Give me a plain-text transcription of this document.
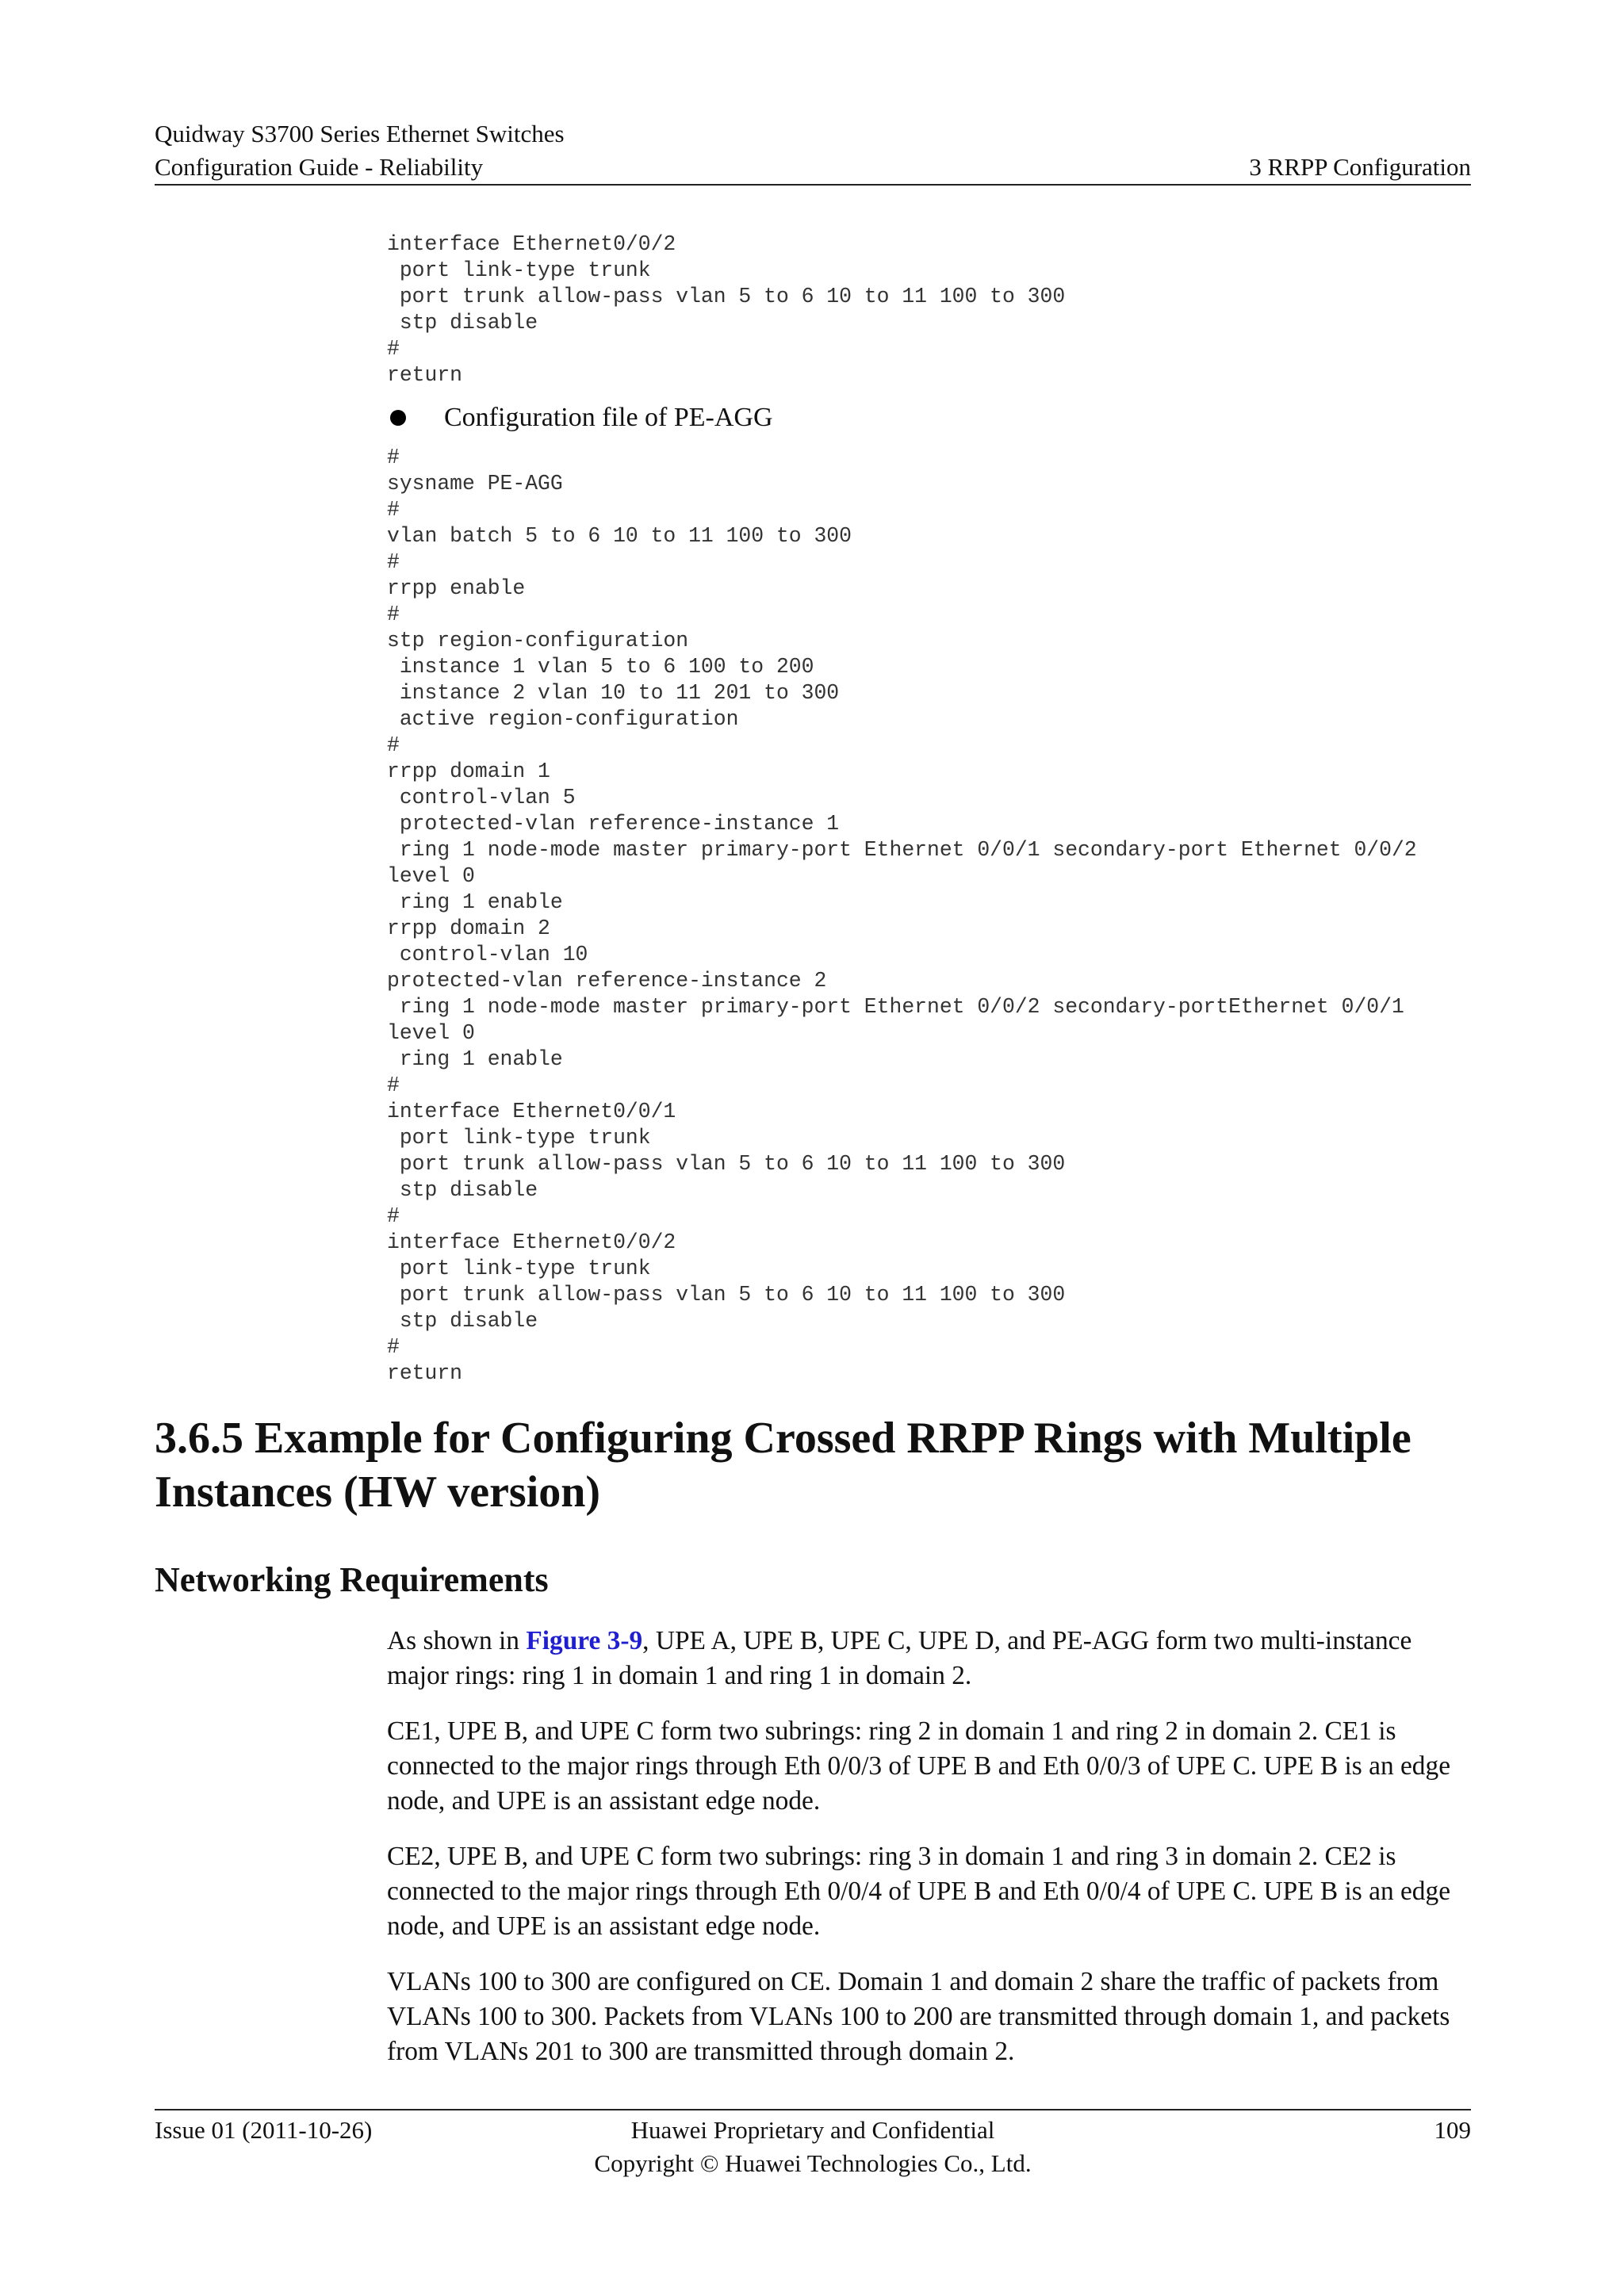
Quidway S3700 Series Ethernet Switches
Configuration Guide - Reliability	3 RRPP Configuration
interface Ethernet0/0/2
port link-type trunk
port trunk allow-pass vlan 5 to 6 10 to 11 100 to 300
stp disable
#
return
Configuration file of PE-AGG
#
sysname PE-AGG
#
vlan batch 5 to 6 10 to 11 100 to 300
#
rrpp enable
#
stp region-configuration
instance 1 vlan 5 to 6 100 to 200
instance 2 vlan 10 to 11 201 to 300
active region-configuration
#
rrpp domain 1
control-vlan 5
protected-vlan reference-instance 1
ring 1 node-mode master primary-port Ethernet 0/0/1 secondary-port Ethernet 0/0/2
level 0
ring 1 enable
rrpp domain 2
control-vlan 10
protected-vlan reference-instance 2
ring 1 node-mode master primary-port Ethernet 0/0/2 secondary-portEthernet 0/0/1
level 0
ring 1 enable
#
interface Ethernet0/0/1
port link-type trunk
port trunk allow-pass vlan 5 to 6 10 to 11 100 to 300
stp disable
#
interface Ethernet0/0/2
port link-type trunk
port trunk allow-pass vlan 5 to 6 10 to 11 100 to 300
stp disable
#
return
3.6.5 Example for Configuring Crossed RRPP Rings with Multiple Instances (HW version)
Networking Requirements

As shown in Figure 3-9, UPE A, UPE B, UPE C, UPE D, and PE-AGG form two multi-instance major rings: ring 1 in domain 1 and ring 1 in domain 2.

CE1, UPE B, and UPE C form two subrings: ring 2 in domain 1 and ring 2 in domain 2. CE1 is connected to the major rings through Eth 0/0/3 of UPE B and Eth 0/0/3 of UPE C. UPE B is an edge node, and UPE is an assistant edge node.

CE2, UPE B, and UPE C form two subrings: ring 3 in domain 1 and ring 3 in domain 2. CE2 is connected to the major rings through Eth 0/0/4 of UPE B and Eth 0/0/4 of UPE C. UPE B is an edge node, and UPE is an assistant edge node.

VLANs 100 to 300 are configured on CE. Domain 1 and domain 2 share the traffic of packets from VLANs 100 to 300. Packets from VLANs 100 to 200 are transmitted through domain 1, and packets from VLANs 201 to 300 are transmitted through domain 2.

Issue 01 (2011-10-26)	Huawei Proprietary and Confidential
Copyright © Huawei Technologies Co., Ltd.
109
